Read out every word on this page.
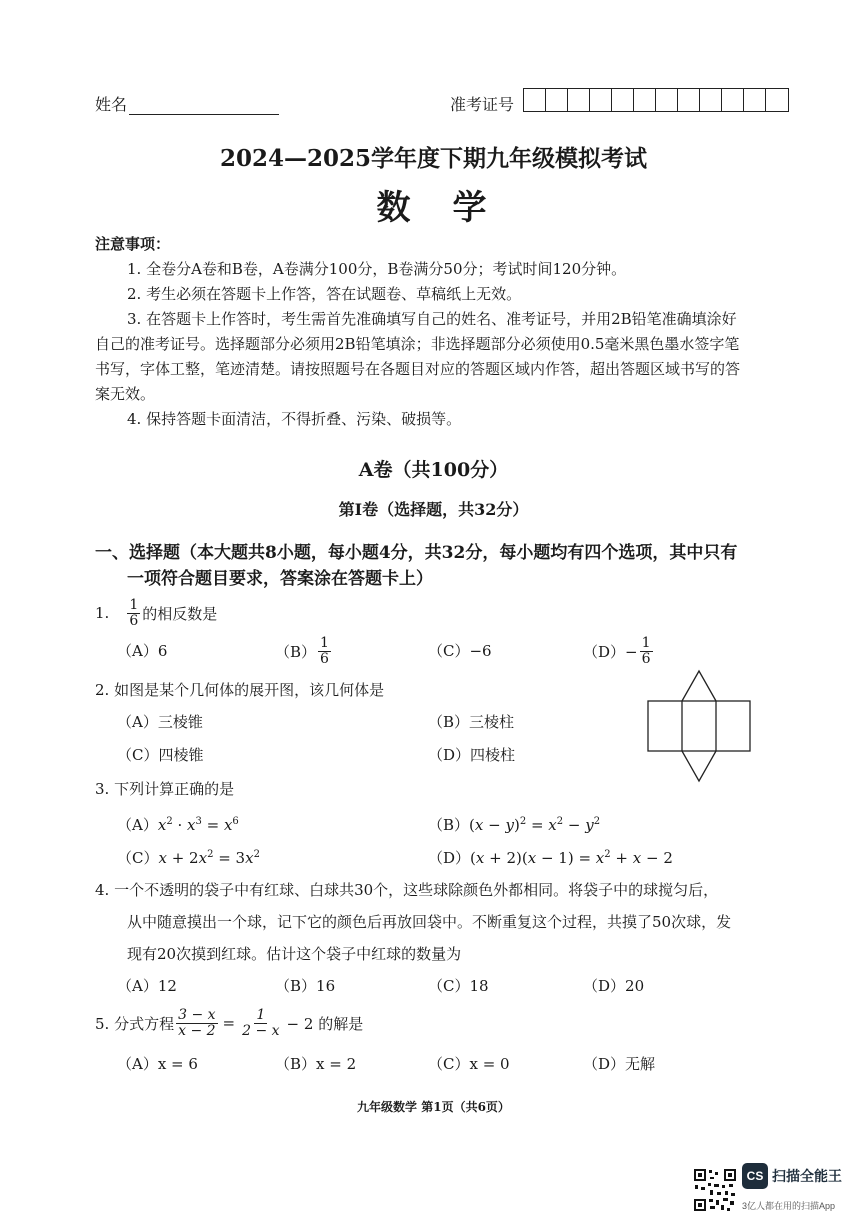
姓名	准考证号
2024—2025学年度下期九年级模拟考试
数　学
注意事项：
1. 全卷分A卷和B卷，A卷满分100分，B卷满分50分；考试时间120分钟。
2. 考生必须在答题卡上作答，答在试题卷、草稿纸上无效。
3. 在答题卡上作答时，考生需首先准确填写自己的姓名、准考证号，并用2B铅笔准确填涂好
自己的准考证号。选择题部分必须用2B铅笔填涂；非选择题部分必须使用0.5毫米黑色墨水签字笔
书写，字体工整，笔迹清楚。请按照题号在各题目对应的答题区域内作答，超出答题区域书写的答
案无效。
4. 保持答题卡面清洁，不得折叠、污染、破损等。
A卷（共100分）
第Ⅰ卷（选择题，共32分）
一、选择题（本大题共8小题，每小题4分，共32分，每小题均有四个选项，其中只有
一项符合题目要求，答案涂在答题卡上）
1. $\frac{1}{6}$ 的相反数是
（A）6	$(B) \frac{1}{6}$	（C）−6	$(D)- \frac{1}{6}$
2. 如图是某个几何体的展开图，该几何体是
（A）三棱锥	（B）三棱柱
（C）四棱锥	（D）四棱柱
3. 下列计算正确的是
$(A)x^2 \cdot x^3 = x^6$	$(B)(x - y)^2 = x^2 - y^2$
$(C)x + 2x^2 = 3x^2$	$(D)(x + 2)(x - 1) = x^2 + x - 2$
4. 一个不透明的袋子中有红球、白球共30个，这些球除颜色外都相同。将袋子中的球搅匀后，
从中随意摸出一个球，记下它的颜色后再放回袋中。不断重复这个过程，共摸了50次球，发
现有20次摸到红球。估计这个袋子中红球的数量为
（A）12	（B）16	（C）18	（D）20
5. 分式方程 $\frac{3 - x}{x - 2} = \frac{1}{2 - x} - 2$ 的解是
（A）x = 6	（B）x = 2	（C）x = 0	（D）无解
九年级数学 第1页（共6页）
CS 扫描全能王
3亿人都在用的扫描App
